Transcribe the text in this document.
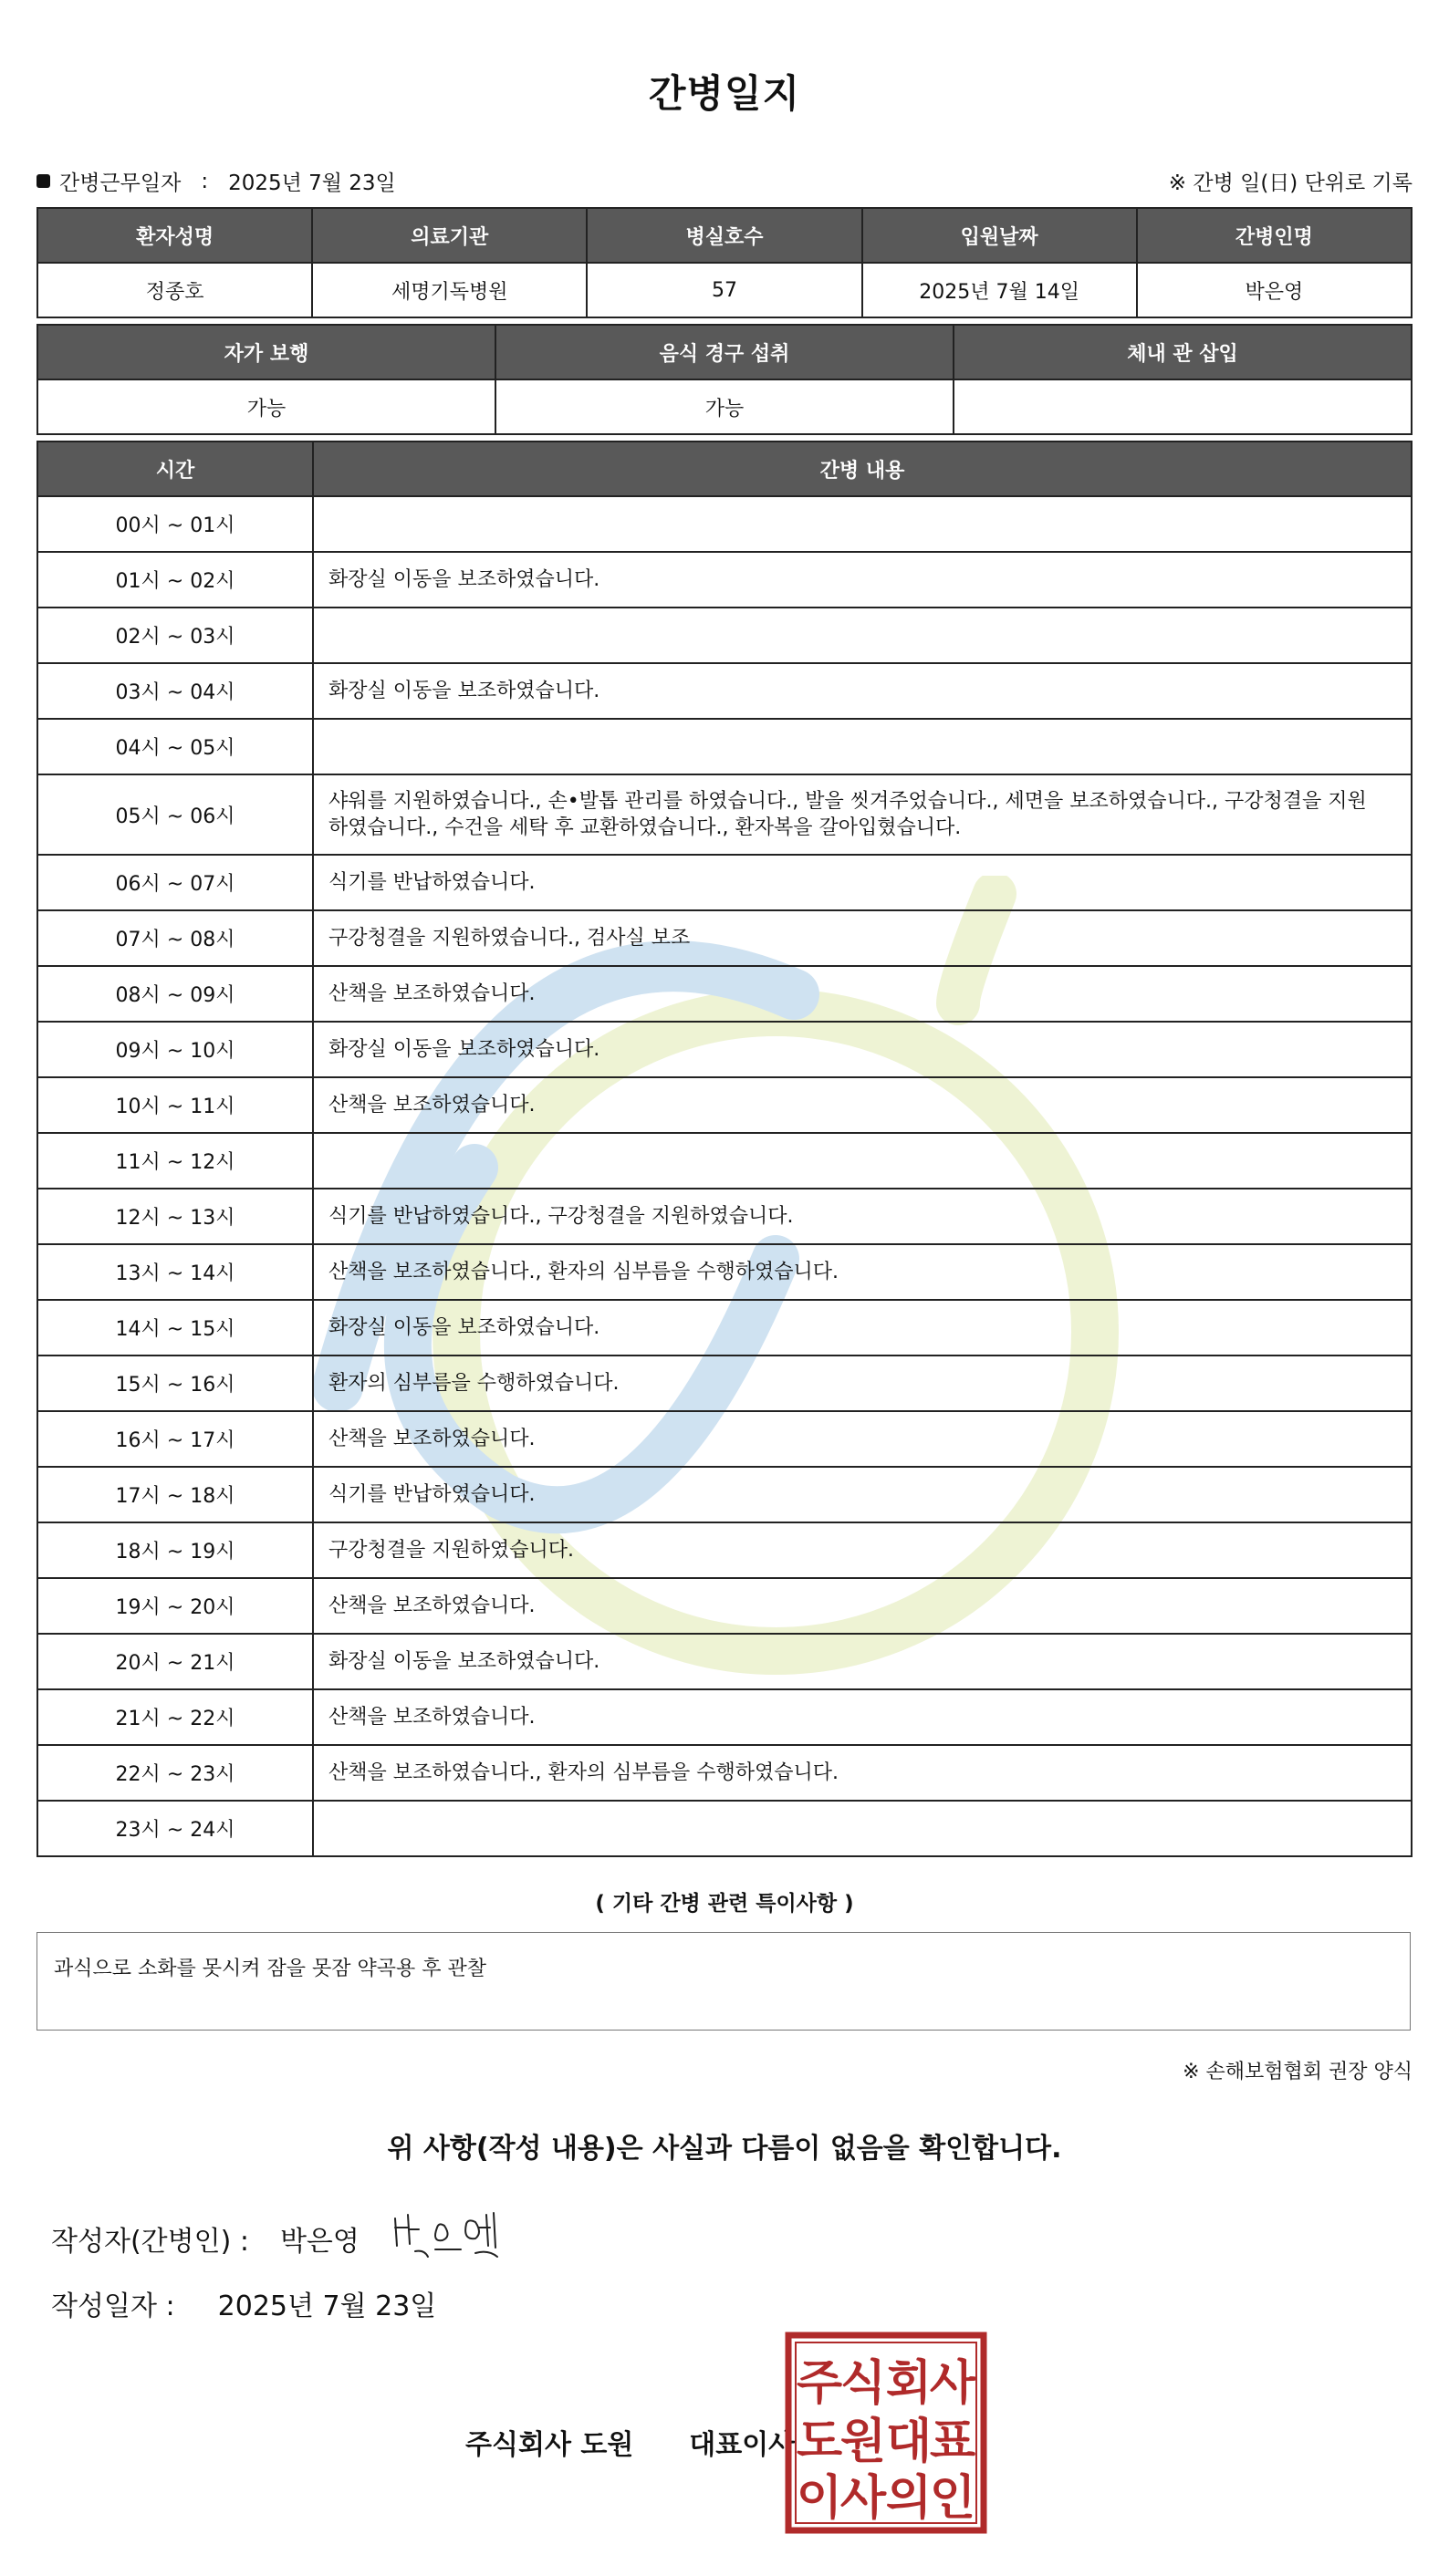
간병일지
간병근무일자 : 2025년 7월 23일	※ 간병 일(日) 단위로 기록
환자성명	의료기관	병실호수	입원날짜	간병인명
정종호	세명기독병원	57	2025년 7월 14일	박은영
자가 보행	음식 경구 섭취	체내 관 삽입
가능	가능	
시간	간병 내용
00시 ~ 01시	
01시 ~ 02시	화장실 이동을 보조하였습니다.
02시 ~ 03시	
03시 ~ 04시	화장실 이동을 보조하였습니다.
04시 ~ 05시	
05시 ~ 06시	샤워를 지원하였습니다., 손•발톱 관리를 하였습니다., 발을 씻겨주었습니다., 세면을 보조하였습니다., 구강청결을 지원하였습니다., 수건을 세탁 후 교환하였습니다., 환자복을 갈아입혔습니다.
06시 ~ 07시	식기를 반납하였습니다.
07시 ~ 08시	구강청결을 지원하였습니다., 검사실 보조
08시 ~ 09시	산책을 보조하였습니다.
09시 ~ 10시	화장실 이동을 보조하였습니다.
10시 ~ 11시	산책을 보조하였습니다.
11시 ~ 12시	
12시 ~ 13시	식기를 반납하였습니다., 구강청결을 지원하였습니다.
13시 ~ 14시	산책을 보조하였습니다., 환자의 심부름을 수행하였습니다.
14시 ~ 15시	화장실 이동을 보조하였습니다.
15시 ~ 16시	환자의 심부름을 수행하였습니다.
16시 ~ 17시	산책을 보조하였습니다.
17시 ~ 18시	식기를 반납하였습니다.
18시 ~ 19시	구강청결을 지원하였습니다.
19시 ~ 20시	산책을 보조하였습니다.
20시 ~ 21시	화장실 이동을 보조하였습니다.
21시 ~ 22시	산책을 보조하였습니다.
22시 ~ 23시	산책을 보조하였습니다., 환자의 심부름을 수행하였습니다.
23시 ~ 24시	
( 기타 간병 관련 특이사항 )
과식으로 소화를 못시켜 잠을 못잠 약곡용 후 관찰
※ 손해보험협회 권장 양식
위 사항(작성 내용)은 사실과 다름이 없음을 확인합니다.
작성자(간병인) : 박은영
작성일자 : 2025년 7월 23일
주식회사 도원 대표이사
주
식 회
사
도
원 대
표
이
사 의
인
